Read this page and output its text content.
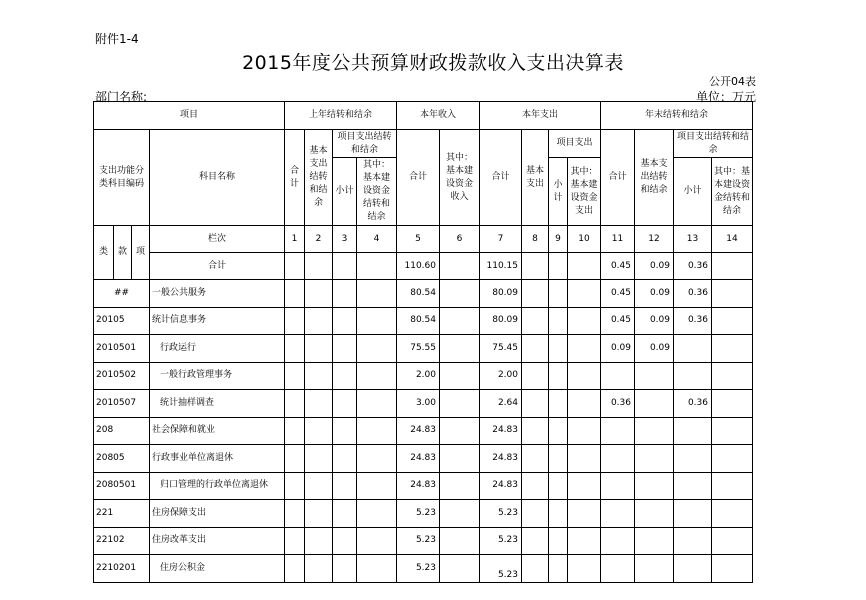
附件1-4
2015年度公共预算财政拨款收入支出决算表
公开04表
部门名称:	单位：万元
项目				上年结转和结余				本年收入		本年支出				年末结转和结余			
支出功能分类科目编码			科目名称	合计	基本支出结转和结余	项目支出结转和结余		合计	其中：基本建设资金收入	合计	基本支出	项目支出		合计	基本支出结转和结余	项目支出结转和结余	
						小计	其中：基本建设资金结转和结余					小计	其中：基本建设资金支出			小计	其中：基本建设资金结转和结余
类	款	项	栏次	1	2	3	4	5	6	7	8	9	10	11	12	13	14
			合计					110.60		110.15				0.45	0.09	0.36	
##			一般公共服务					80.54		80.09				0.45	0.09	0.36	
20105			统计信息事务					80.54		80.09				0.45	0.09	0.36	
2010501			行政运行					75.55		75.45				0.09	0.09		
2010502			一般行政管理事务					2.00		2.00							
2010507			统计抽样调查					3.00		2.64				0.36		0.36	
208			社会保障和就业					24.83		24.83							
20805			行政事业单位离退休					24.83		24.83							
2080501			归口管理的行政单位离退休					24.83		24.83							
221			住房保障支出					5.23		5.23							
22102			住房改革支出					5.23		5.23							
2210201			住房公积金					5.23		5.23							
